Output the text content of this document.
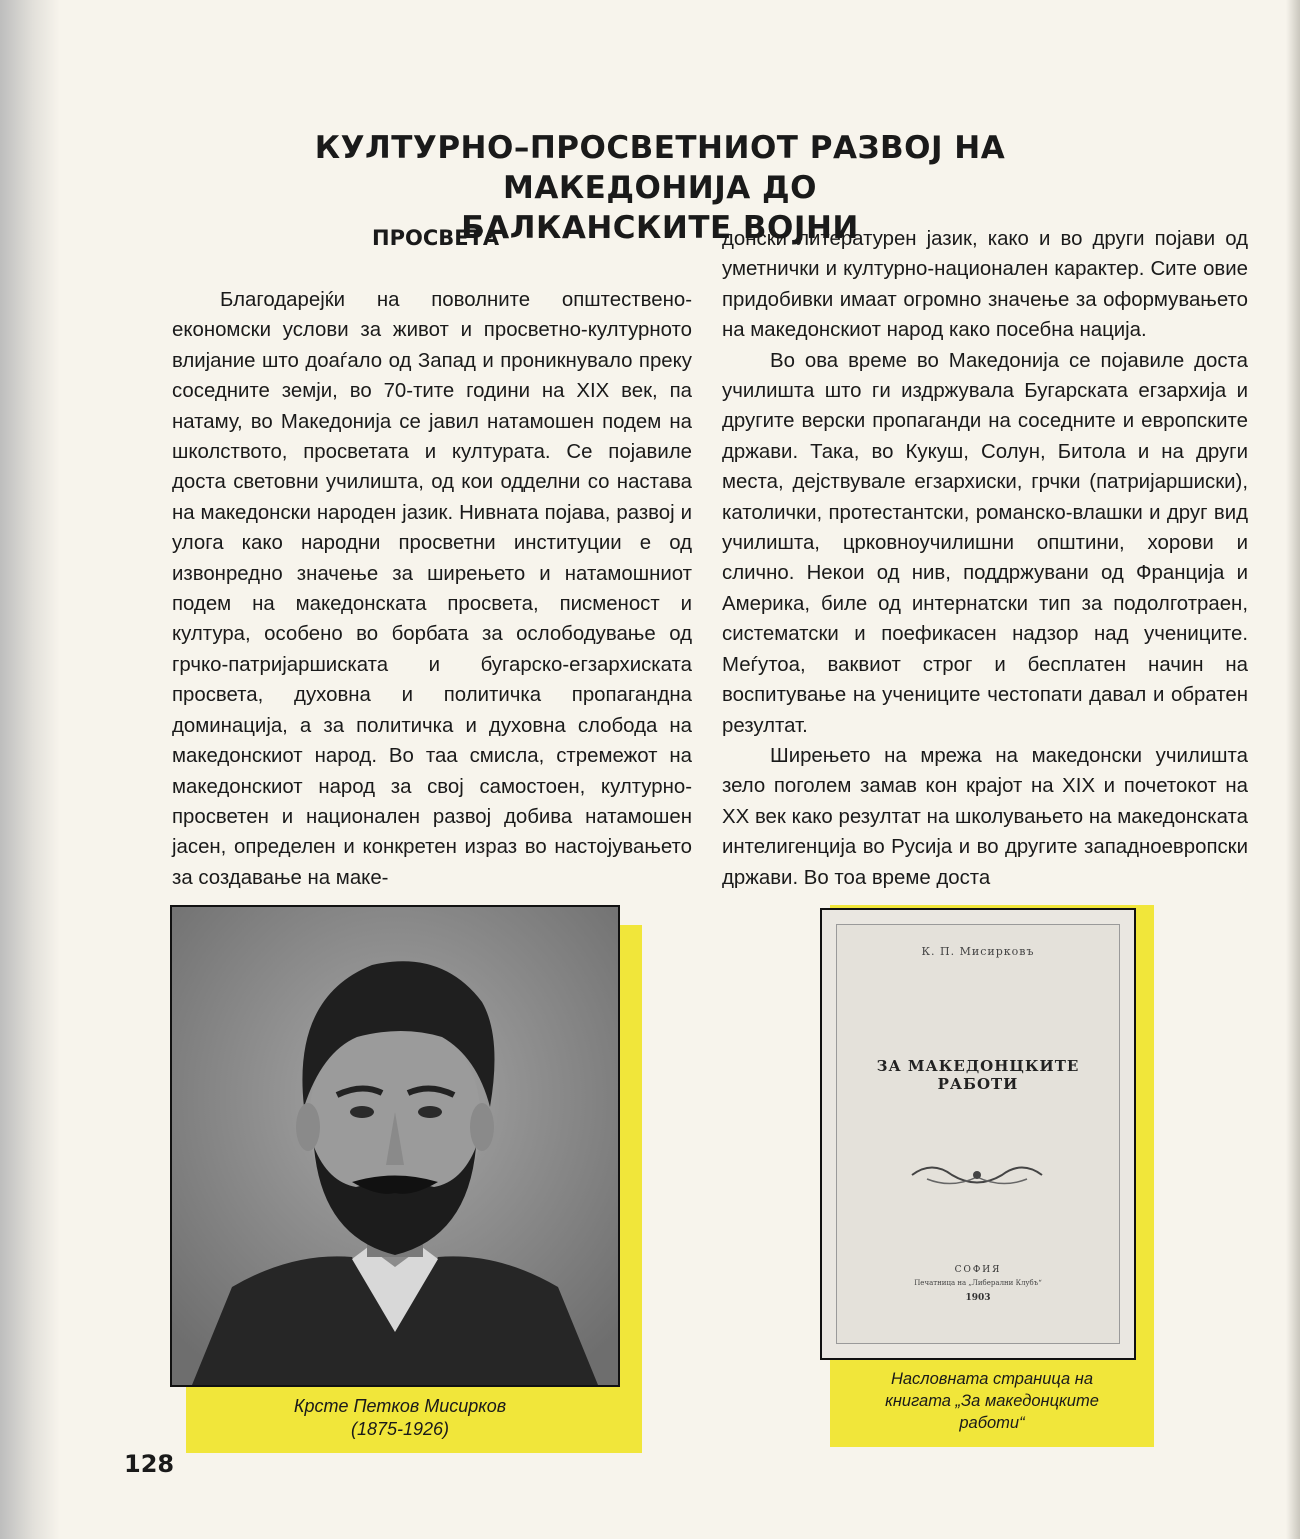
КУЛТУРНО–ПРОСВЕТНИОТ РАЗВОЈ НА МАКЕДОНИЈА ДО
БАЛКАНСКИТЕ ВОЈНИ
ПРОСВЕТА

Благодарејќи на поволните општествено-економски услови за живот и просветно-културното влијание што доаѓало од Запад и проникнувало преку соседните земји, во 70-тите години на XIX век, па натаму, во Македонија се јавил натамошен подем на школството, просветата и културата. Се појавиле доста световни училишта, од кои одделни со настава на македонски народен јазик. Нивната појава, развој и улога како народни просветни институции е од извонредно значење за ширењето и натамошниот подем на македонската просвета, писменост и култура, особено во борбата за ослободување од грчко-патријаршиската и бугарско-егзархиската просвета, духовна и политичка пропагандна доминација, а за политичка и духовна слобода на македонскиот народ. Во таа смисла, стремежот на македонскиот народ за свој самостоен, културно-просветен и национален развој добива натамошен јасен, определен и конкретен израз во настојувањето за создавање на маке-

донски литературен јазик, како и во други појави од уметнички и културно-национален карактер. Сите овие придобивки имаат огромно значење за оформувањето на македонскиот народ како посебна нација.

Во ова време во Македонија се појавиле доста училишта што ги издржувала Бугарската егзархија и другите верски пропаганди на соседните и европските држави. Така, во Кукуш, Солун, Битола и на други места, дејствувале егзархиски, грчки (патријаршиски), католички, протестантски, романско-влашки и друг вид училишта, црковноучилишни општини, хорови и слично. Некои од нив, поддржувани од Франција и Америка, биле од интернатски тип за подолготраен, систематски и поефикасен надзор над учениците. Меѓутоа, ваквиот строг и бесплатен начин на воспитување на учениците честопати давал и обратен резултат.

Ширењето на мрежа на македонски училишта зело поголем замав кон крајот на XIX и почетокот на XX век како резултат на школувањето на македонската интелигенција во Русија и во другите западноевропски држави. Во тоа време доста

Крсте Петков Мисирков
(1875-1926)
К. П. Мисирковъ
ЗА МАКЕДОНЦКИТЕ РАБОТИ
СОФИЯ
Печатница на „Либерални Клубъ“
1903
Насловната страница на
книгата „За македонцките
работи“
128
